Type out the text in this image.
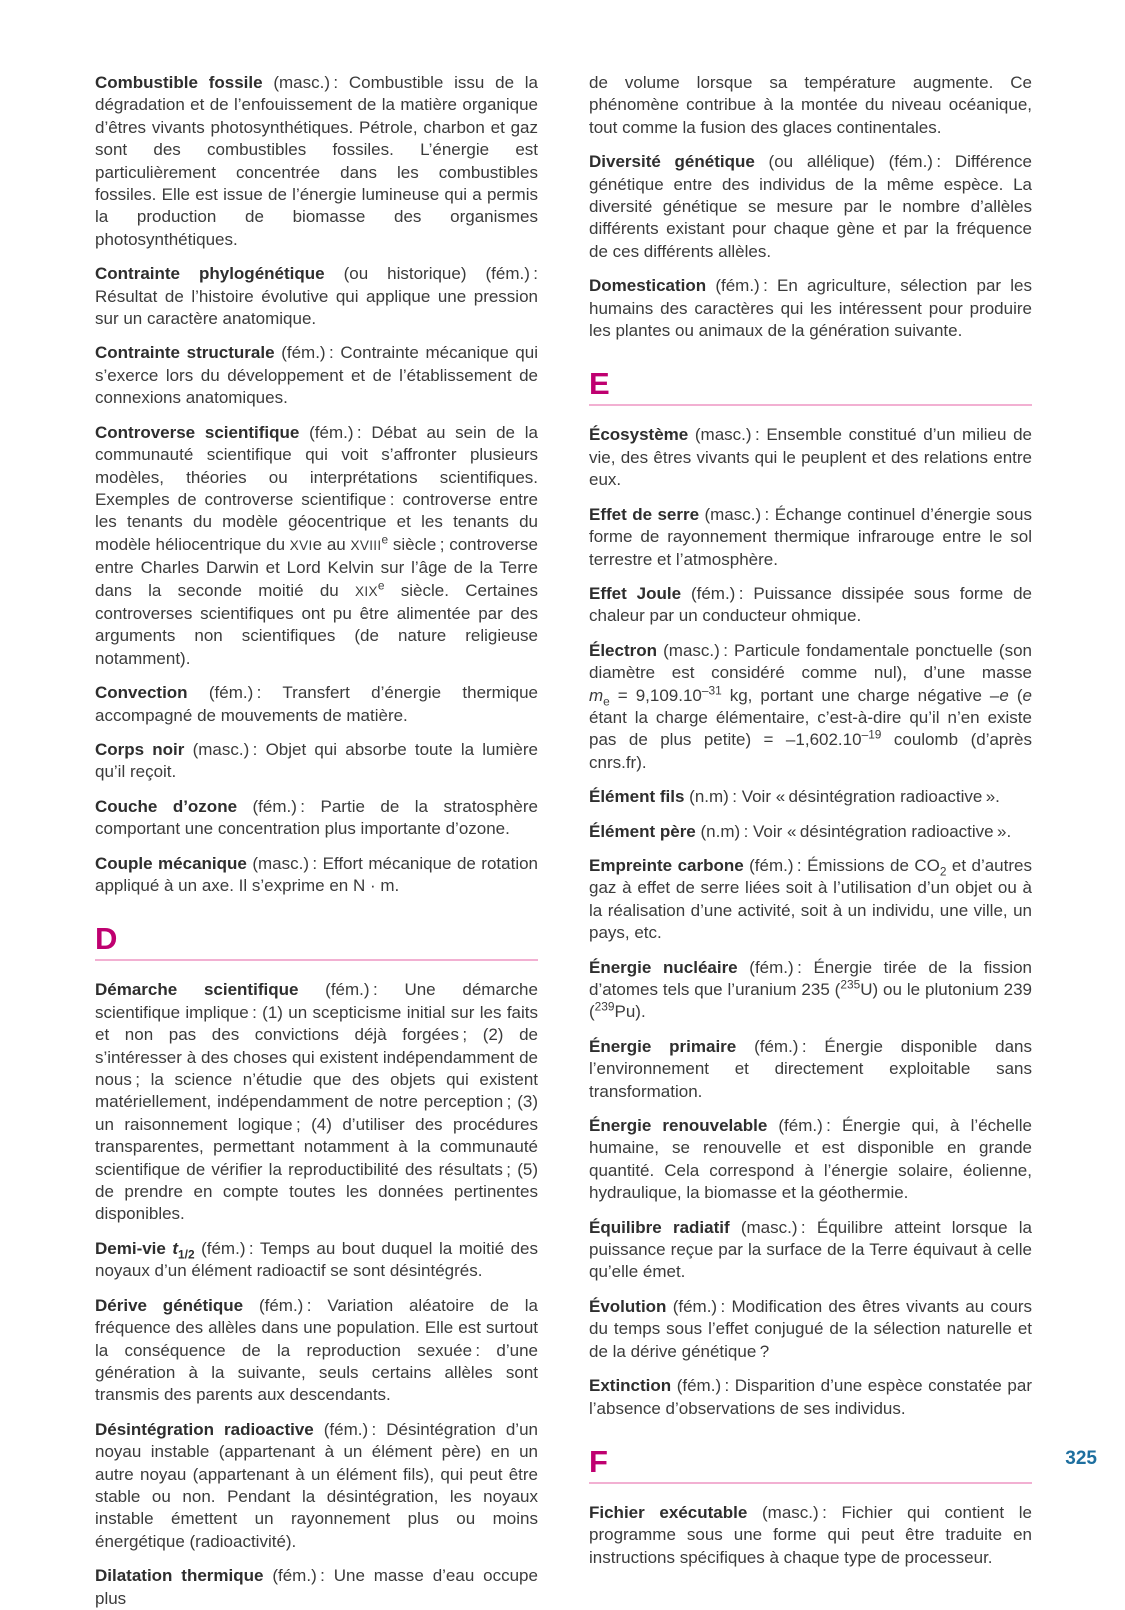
Combustible fossile (masc.) : Combustible issu de la dégradation et de l’enfouissement de la matière organique d’êtres vivants photosynthétiques. Pétrole, charbon et gaz sont des combustibles fossiles. L’énergie est particulièrement concentrée dans les combustibles fossiles. Elle est issue de l’énergie lumineuse qui a permis la production de biomasse des organismes photosynthétiques.

Contrainte phylogénétique (ou historique) (fém.) : Résultat de l’histoire évolutive qui applique une pression sur un caractère anatomique.

Contrainte structurale (fém.) : Contrainte mécanique qui s’exerce lors du développement et de l’établissement de connexions anatomiques.

Controverse scientifique (fém.) : Débat au sein de la communauté scientifique qui voit s’affronter plusieurs modèles, théories ou interprétations scientifiques. Exemples de controverse scientifique : controverse entre les tenants du modèle géocentrique et les tenants du modèle héliocentrique du XVIe au XVIIIe siècle ; controverse entre Charles Darwin et Lord Kelvin sur l’âge de la Terre dans la seconde moitié du XIXe siècle. Certaines controverses scientifiques ont pu être alimentée par des arguments non scientifiques (de nature religieuse notamment).

Convection (fém.) : Transfert d’énergie thermique accompagné de mouvements de matière.

Corps noir (masc.) : Objet qui absorbe toute la lumière qu’il reçoit.

Couche d’ozone (fém.) : Partie de la stratosphère comportant une concentration plus importante d’ozone.

Couple mécanique (masc.) : Effort mécanique de rotation appliqué à un axe. Il s’exprime en N · m.

D

Démarche scientifique (fém.) : Une démarche scientifique implique : (1) un scepticisme initial sur les faits et non pas des convictions déjà forgées ; (2) de s’intéresser à des choses qui existent indépendamment de nous ; la science n’étudie que des objets qui existent matériellement, indépendamment de notre perception ; (3) un raisonnement logique ; (4) d’utiliser des procédures transparentes, permettant notamment à la communauté scientifique de vérifier la reproductibilité des résultats ; (5) de prendre en compte toutes les données pertinentes disponibles.

Demi-vie $t_{1/2}$ (fém.) : Temps au bout duquel la moitié des noyaux d’un élément radioactif se sont désintégrés.

Dérive génétique (fém.) : Variation aléatoire de la fréquence des allèles dans une population. Elle est surtout la conséquence de la reproduction sexuée : d’une génération à la suivante, seuls certains allèles sont transmis des parents aux descendants.

Désintégration radioactive (fém.) : Désintégration d’un noyau instable (appartenant à un élément père) en un autre noyau (appartenant à un élément fils), qui peut être stable ou non. Pendant la désintégration, les noyaux instable émettent un rayonnement plus ou moins énergétique (radioactivité).

Dilatation thermique (fém.) : Une masse d’eau occupe plus

de volume lorsque sa température augmente. Ce phénomène contribue à la montée du niveau océanique, tout comme la fusion des glaces continentales.

Diversité génétique (ou allélique) (fém.) : Différence génétique entre des individus de la même espèce. La diversité génétique se mesure par le nombre d’allèles différents existant pour chaque gène et par la fréquence de ces différents allèles.

Domestication (fém.) : En agriculture, sélection par les humains des caractères qui les intéressent pour produire les plantes ou animaux de la génération suivante.

E

Écosystème (masc.) : Ensemble constitué d’un milieu de vie, des êtres vivants qui le peuplent et des relations entre eux.

Effet de serre (masc.) : Échange continuel d’énergie sous forme de rayonnement thermique infrarouge entre le sol terrestre et l’atmosphère.

Effet Joule (fém.) : Puissance dissipée sous forme de chaleur par un conducteur ohmique.

Électron (masc.) : Particule fondamentale ponctuelle (son diamètre est considéré comme nul), d’une masse $m_e = 9,109.10^{-31}$ kg, portant une charge négative –e (e étant la charge élémentaire, c’est-à-dire qu’il n’en existe pas de plus petite) = $-1,602.10^{-19}$ coulomb (d’après cnrs.fr).

Élément fils (n.m) : Voir « désintégration radioactive ».

Élément père (n.m) : Voir « désintégration radioactive ».

Empreinte carbone (fém.) : Émissions de $CO_2$ et d’autres gaz à effet de serre liées soit à l’utilisation d’un objet ou à la réalisation d’une activité, soit à un individu, une ville, un pays, etc.

Énergie nucléaire (fém.) : Énergie tirée de la fission d’atomes tels que l’uranium 235 ($^{235}$U) ou le plutonium 239 ($^{239}$Pu).

Énergie primaire (fém.) : Énergie disponible dans l’environnement et directement exploitable sans transformation.

Énergie renouvelable (fém.) : Énergie qui, à l’échelle humaine, se renouvelle et est disponible en grande quantité. Cela correspond à l’énergie solaire, éolienne, hydraulique, la biomasse et la géothermie.

Équilibre radiatif (masc.) : Équilibre atteint lorsque la puissance reçue par la surface de la Terre équivaut à celle qu’elle émet.

Évolution (fém.) : Modification des êtres vivants au cours du temps sous l’effet conjugué de la sélection naturelle et de la dérive génétique ?

Extinction (fém.) : Disparition d’une espèce constatée par l’absence d’observations de ses individus.

F

Fichier exécutable (masc.) : Fichier qui contient le programme sous une forme qui peut être traduite en instructions spécifiques à chaque type de processeur.

325
